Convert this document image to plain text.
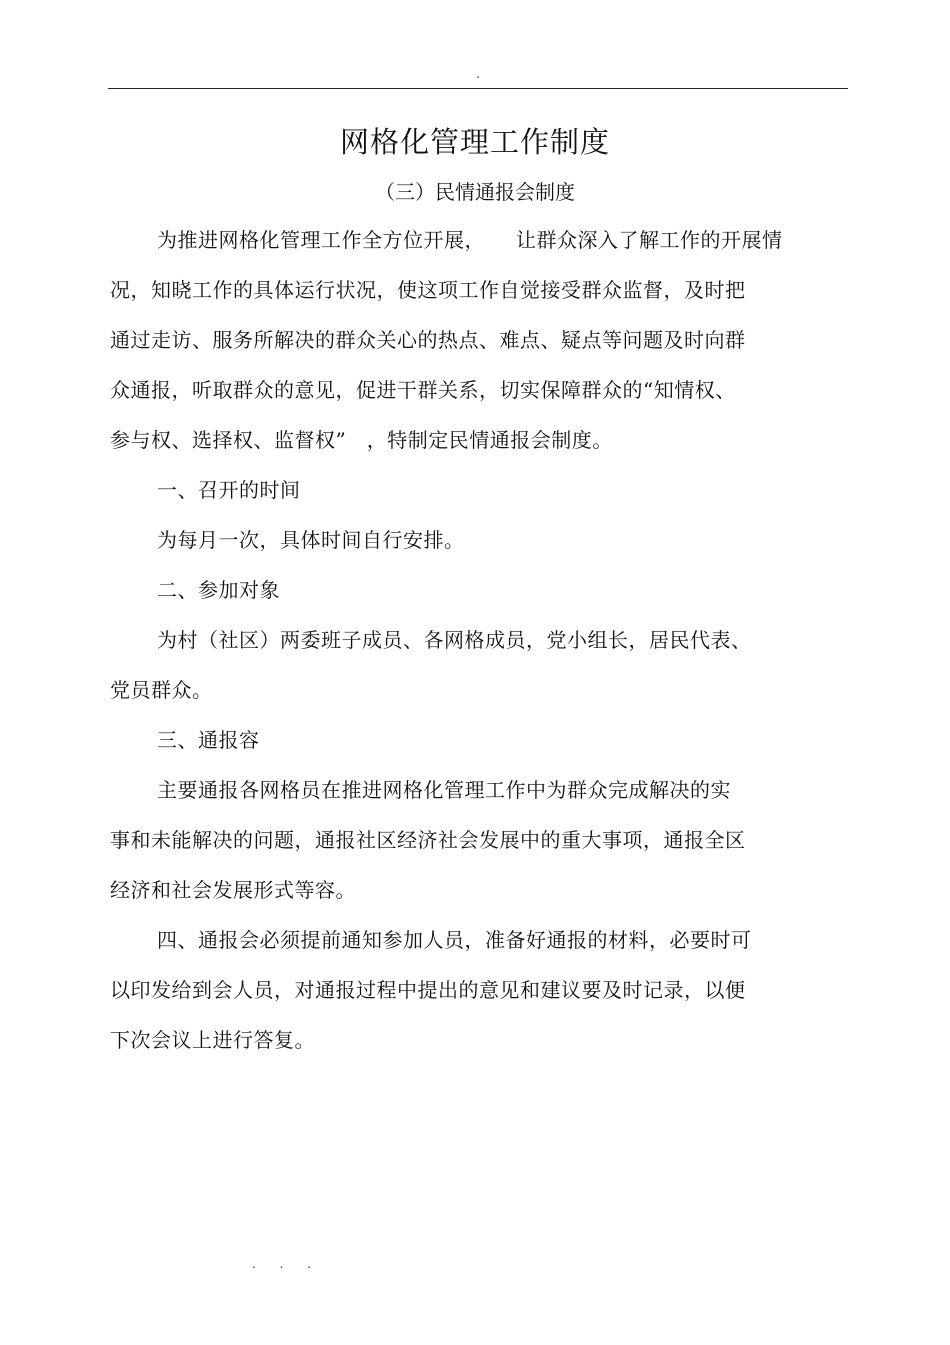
.
网格化管理工作制度
（三）民情通报会制度
为推进网格化管理工作全方位开展，　　让群众深入了解工作的开展情
况，知晓工作的具体运行状况，使这项工作自觉接受群众监督，及时把
通过走访、服务所解决的群众关心的热点、难点、疑点等问题及时向群
众通报，听取群众的意见，促进干群关系，切实保障群众的“知情权、
参与权、选择权、监督权”　，特制定民情通报会制度。
一、召开的时间
为每月一次，具体时间自行安排。
二、参加对象
为村（社区）两委班子成员、各网格成员，党小组长，居民代表、
党员群众。
三、通报容
主要通报各网格员在推进网格化管理工作中为群众完成解决的实
事和未能解决的问题，通报社区经济社会发展中的重大事项，通报全区
经济和社会发展形式等容。
四、通报会必须提前通知参加人员，准备好通报的材料，必要时可
以印发给到会人员，对通报过程中提出的意见和建议要及时记录，以便
下次会议上进行答复。
. . .
